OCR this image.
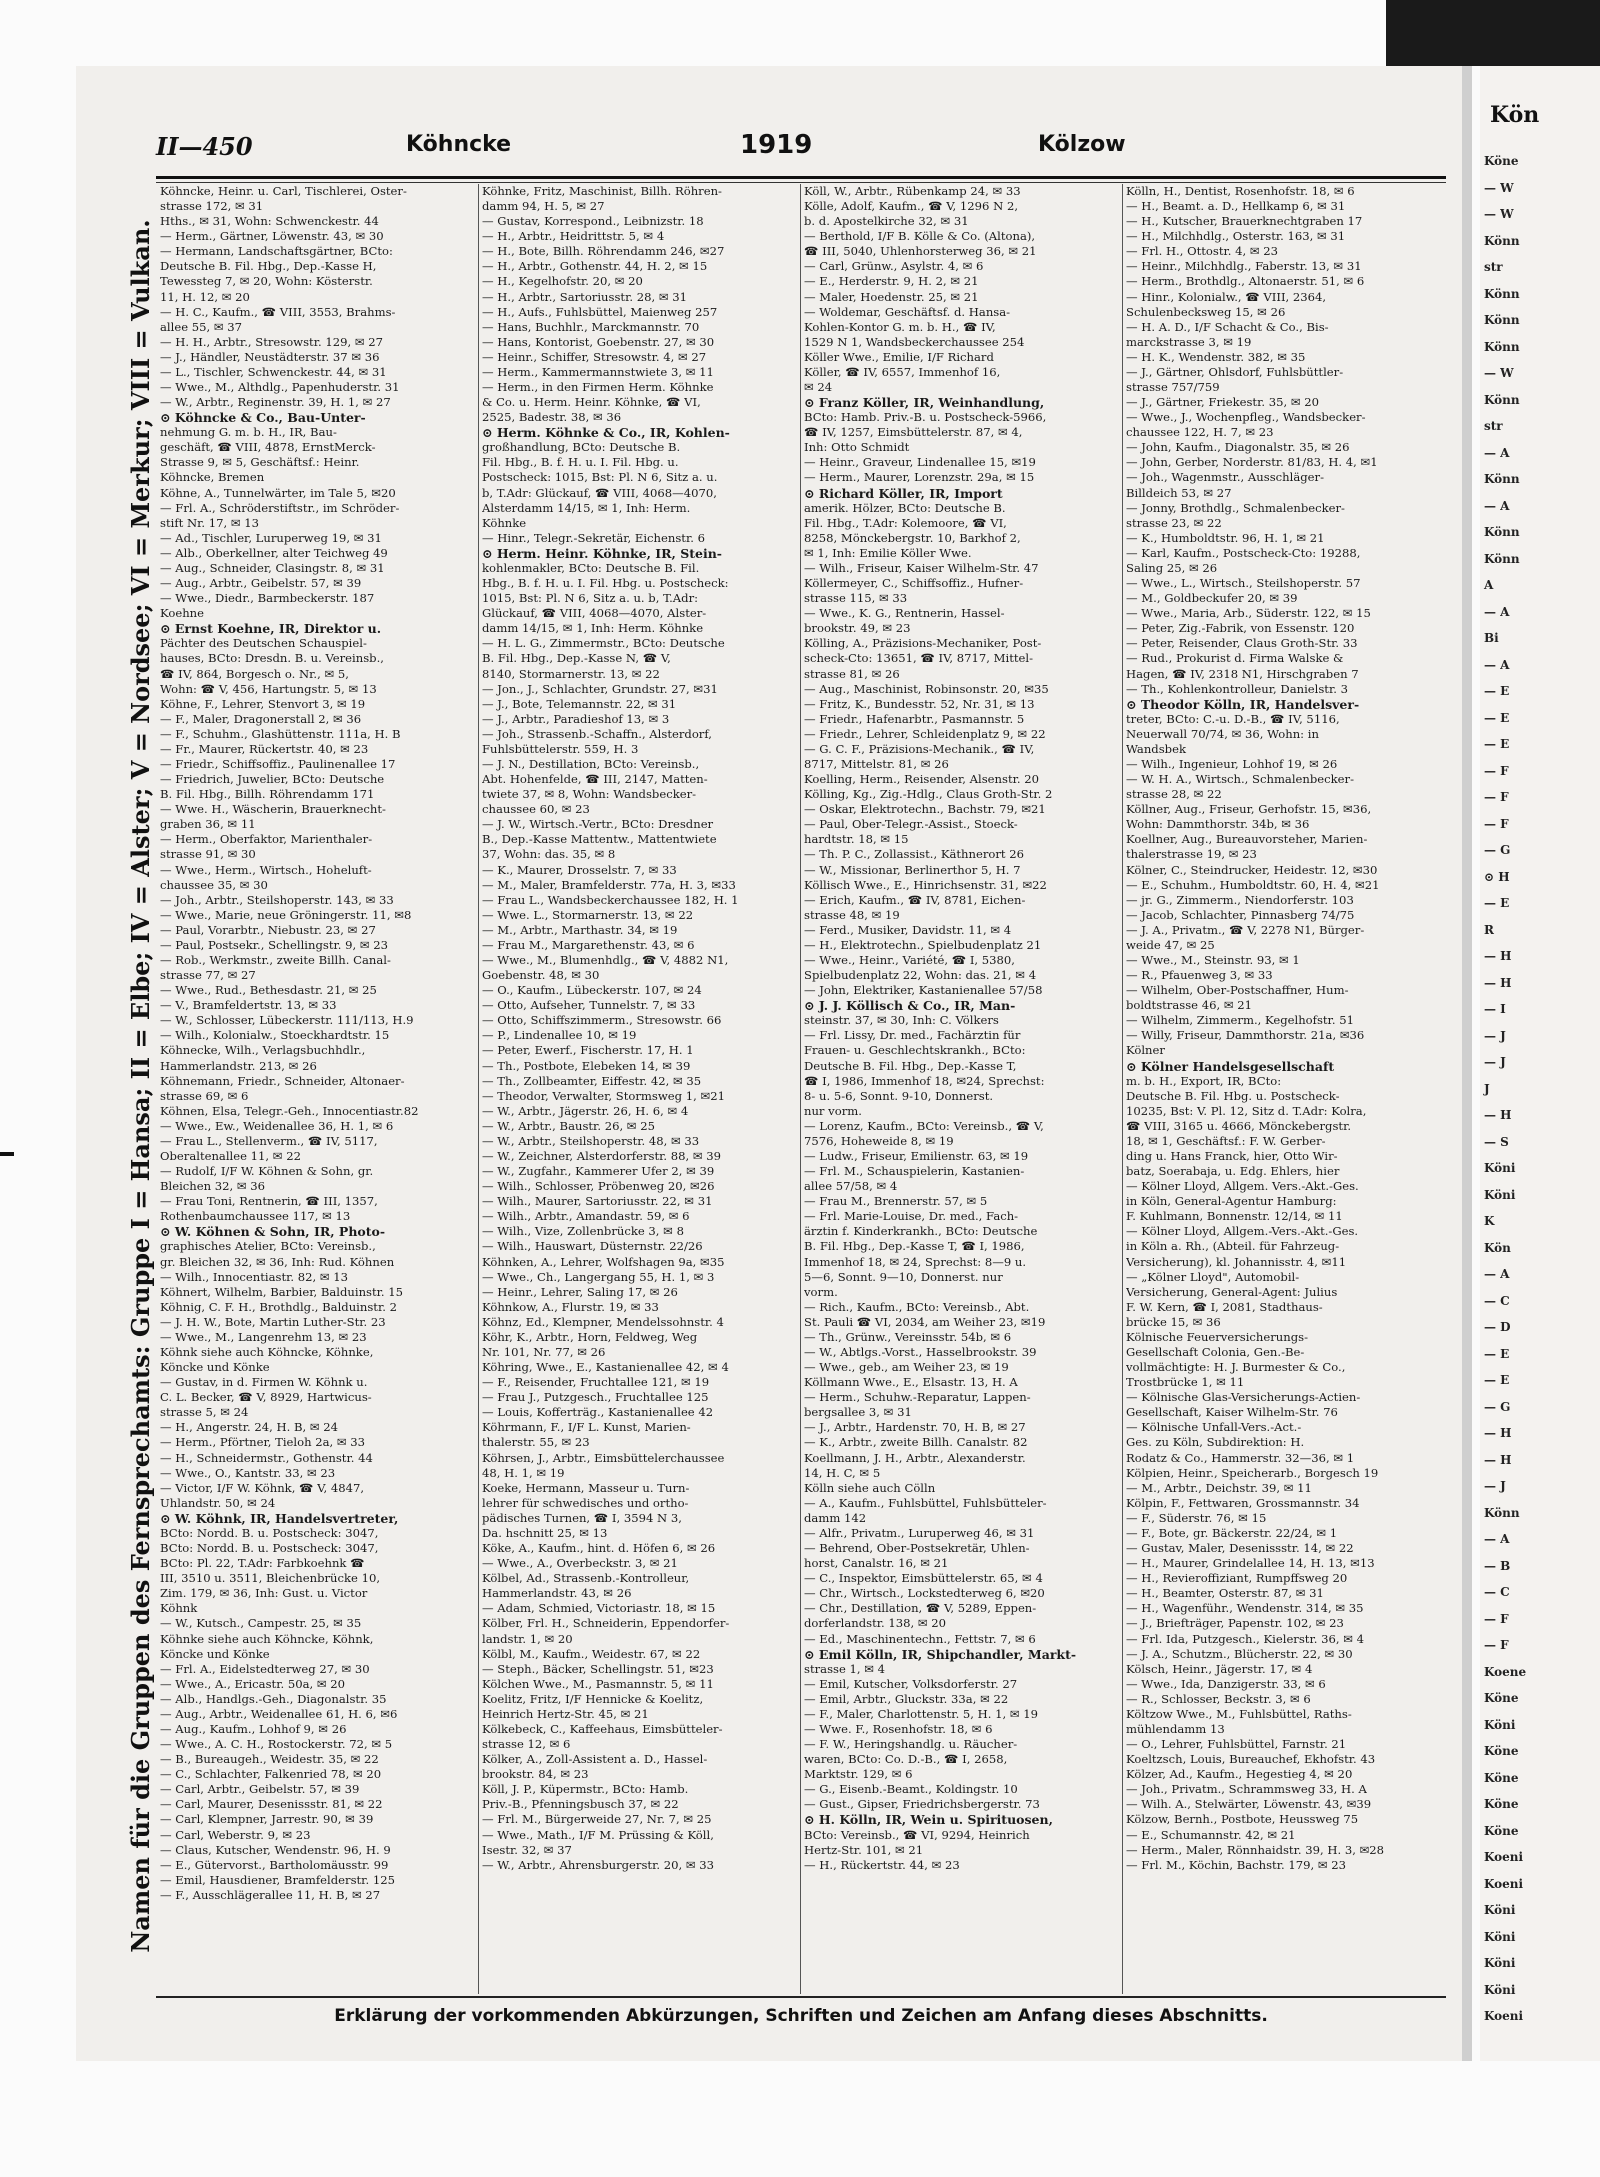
II—450	Köhncke	1919	Kölzow
Namen für die Gruppen des Fernsprechamts: Gruppe I = Hansa; II = Elbe; IV = Alster; V = Nordsee; VI = Merkur; VIII = Vulkan.
Köhncke, Heinr. u. Carl, Tischlerei, Oster-
strasse 172, ✉ 31
Hths., ✉ 31, Wohn: Schwenckestr. 44
— Herm., Gärtner, Löwenstr. 43, ✉ 30
— Hermann, Landschaftsgärtner, BCto:
Deutsche B. Fil. Hbg., Dep.-Kasse H,
Tewessteg 7, ✉ 20, Wohn: Kösterstr.
11, H. 12, ✉ 20
— H. C., Kaufm., ☎ VIII, 3553, Brahms-
allee 55, ✉ 37
— H. H., Arbtr., Stresowstr. 129, ✉ 27
— J., Händler, Neustädterstr. 37 ✉ 36
— L., Tischler, Schwenckestr. 44, ✉ 31
— Wwe., M., Althdlg., Papenhuderstr. 31
— W., Arbtr., Reginenstr. 39, H. 1, ✉ 27
⊙ Köhncke & Co., Bau-Unter-
nehmung G. m. b. H., IR, Bau-
geschäft, ☎ VIII, 4878, ErnstMerck-
Strasse 9, ✉ 5, Geschäftsf.: Heinr.
Köhncke, Bremen
Köhne, A., Tunnelwärter, im Tale 5, ✉20
— Frl. A., Schröderstiftstr., im Schröder-
stift Nr. 17, ✉ 13
— Ad., Tischler, Luruperweg 19, ✉ 31
— Alb., Oberkellner, alter Teichweg 49
— Aug., Schneider, Clasingstr. 8, ✉ 31
— Aug., Arbtr., Geibelstr. 57, ✉ 39
— Wwe., Diedr., Barmbeckerstr. 187
Koehne
⊙ Ernst Koehne, IR, Direktor u.
Pächter des Deutschen Schauspiel-
hauses, BCto: Dresdn. B. u. Vereinsb.,
☎ IV, 864, Borgesch o. Nr., ✉ 5,
Wohn: ☎ V, 456, Hartungstr. 5, ✉ 13
Köhne, F., Lehrer, Stenvort 3, ✉ 19
— F., Maler, Dragonerstall 2, ✉ 36
— F., Schuhm., Glashüttenstr. 111a, H. B
— Fr., Maurer, Rückertstr. 40, ✉ 23
— Friedr., Schiffsoffiz., Paulinenallee 17
— Friedrich, Juwelier, BCto: Deutsche
B. Fil. Hbg., Billh. Röhrendamm 171
— Wwe. H., Wäscherin, Brauerknecht-
graben 36, ✉ 11
— Herm., Oberfaktor, Marienthaler-
strasse 91, ✉ 30
— Wwe., Herm., Wirtsch., Hoheluft-
chaussee 35, ✉ 30
— Joh., Arbtr., Steilshoperstr. 143, ✉ 33
— Wwe., Marie, neue Gröningerstr. 11, ✉8
— Paul, Vorarbtr., Niebustr. 23, ✉ 27
— Paul, Postsekr., Schellingstr. 9, ✉ 23
— Rob., Werkmstr., zweite Billh. Canal-
strasse 77, ✉ 27
— Wwe., Rud., Bethesdastr. 21, ✉ 25
— V., Bramfeldertstr. 13, ✉ 33
— W., Schlosser, Lübeckerstr. 111/113, H.9
— Wilh., Kolonialw., Stoeckhardtstr. 15
Köhnecke, Wilh., Verlagsbuchhdlr.,
Hammerlandstr. 213, ✉ 26
Köhnemann, Friedr., Schneider, Altonaer-
strasse 69, ✉ 6
Köhnen, Elsa, Telegr.-Geh., Innocentiastr.82
— Wwe., Ew., Weidenallee 36, H. 1, ✉ 6
— Frau L., Stellenverm., ☎ IV, 5117,
Oberaltenallee 11, ✉ 22
— Rudolf, I/F W. Köhnen & Sohn, gr.
Bleichen 32, ✉ 36
— Frau Toni, Rentnerin, ☎ III, 1357,
Rothenbaumchaussee 117, ✉ 13
⊙ W. Köhnen & Sohn, IR, Photo-
graphisches Atelier, BCto: Vereinsb.,
gr. Bleichen 32, ✉ 36, Inh: Rud. Köhnen
— Wilh., Innocentiastr. 82, ✉ 13
Köhnert, Wilhelm, Barbier, Balduinstr. 15
Köhnig, C. F. H., Brothdlg., Balduinstr. 2
— J. H. W., Bote, Martin Luther-Str. 23
— Wwe., M., Langenrehm 13, ✉ 23
Köhnk siehe auch Köhncke, Köhnke,
Köncke und Könke
— Gustav, in d. Firmen W. Köhnk u.
C. L. Becker, ☎ V, 8929, Hartwicus-
strasse 5, ✉ 24
— H., Angerstr. 24, H. B, ✉ 24
— Herm., Pförtner, Tieloh 2a, ✉ 33
— H., Schneidermstr., Gothenstr. 44
— Wwe., O., Kantstr. 33, ✉ 23
— Victor, I/F W. Köhnk, ☎ V, 4847,
Uhlandstr. 50, ✉ 24
⊙ W. Köhnk, IR, Handelsvertreter,
BCto: Nordd. B. u. Postscheck: 3047,
BCto: Nordd. B. u. Postscheck: 3047,
BCto: Pl. 22, T.Adr: Farbkoehnk ☎
III, 3510 u. 3511, Bleichenbrücke 10,
Zim. 179, ✉ 36, Inh: Gust. u. Victor
Köhnk
— W., Kutsch., Campestr. 25, ✉ 35
Köhnke siehe auch Köhncke, Köhnk,
Köncke und Könke
— Frl. A., Eidelstedterweg 27, ✉ 30
— Wwe., A., Ericastr. 50a, ✉ 20
— Alb., Handlgs.-Geh., Diagonalstr. 35
— Aug., Arbtr., Weidenallee 61, H. 6, ✉6
— Aug., Kaufm., Lohhof 9, ✉ 26
— Wwe., A. C. H., Rostockerstr. 72, ✉ 5
— B., Bureaugeh., Weidestr. 35, ✉ 22
— C., Schlachter, Falkenried 78, ✉ 20
— Carl, Arbtr., Geibelstr. 57, ✉ 39
— Carl, Maurer, Desenissstr. 81, ✉ 22
— Carl, Klempner, Jarrestr. 90, ✉ 39
— Carl, Weberstr. 9, ✉ 23
— Claus, Kutscher, Wendenstr. 96, H. 9
— E., Gütervorst., Bartholomäusstr. 99
— Emil, Hausdiener, Bramfelderstr. 125
— F., Ausschlägerallee 11, H. B, ✉ 27
Köhnke, Fritz, Maschinist, Billh. Röhren-
damm 94, H. 5, ✉ 27
— Gustav, Korrespond., Leibnizstr. 18
— H., Arbtr., Heidrittstr. 5, ✉ 4
— H., Bote, Billh. Röhrendamm 246, ✉27
— H., Arbtr., Gothenstr. 44, H. 2, ✉ 15
— H., Kegelhofstr. 20, ✉ 20
— H., Arbtr., Sartoriusstr. 28, ✉ 31
— H., Aufs., Fuhlsbüttel, Maienweg 257
— Hans, Buchhlr., Marckmannstr. 70
— Hans, Kontorist, Goebenstr. 27, ✉ 30
— Heinr., Schiffer, Stresowstr. 4, ✉ 27
— Herm., Kammermannstwiete 3, ✉ 11
— Herm., in den Firmen Herm. Köhnke
& Co. u. Herm. Heinr. Köhnke, ☎ VI,
2525, Badestr. 38, ✉ 36
⊙ Herm. Köhnke & Co., IR, Kohlen-
großhandlung, BCto: Deutsche B.
Fil. Hbg., B. f. H. u. I. Fil. Hbg. u.
Postscheck: 1015, Bst: Pl. N 6, Sitz a. u.
b, T.Adr: Glückauf, ☎ VIII, 4068—4070,
Alsterdamm 14/15, ✉ 1, Inh: Herm.
Köhnke
— Hinr., Telegr.-Sekretär, Eichenstr. 6
⊙ Herm. Heinr. Köhnke, IR, Stein-
kohlenmakler, BCto: Deutsche B. Fil.
Hbg., B. f. H. u. I. Fil. Hbg. u. Postscheck:
1015, Bst: Pl. N 6, Sitz a. u. b, T.Adr:
Glückauf, ☎ VIII, 4068—4070, Alster-
damm 14/15, ✉ 1, Inh: Herm. Köhnke
— H. L. G., Zimmermstr., BCto: Deutsche
B. Fil. Hbg., Dep.-Kasse N, ☎ V,
8140, Stormarnerstr. 13, ✉ 22
— Jon., J., Schlachter, Grundstr. 27, ✉31
— J., Bote, Telemannstr. 22, ✉ 31
— J., Arbtr., Paradieshof 13, ✉ 3
— Joh., Strassenb.-Schaffn., Alsterdorf,
Fuhlsbüttelerstr. 559, H. 3
— J. N., Destillation, BCto: Vereinsb.,
Abt. Hohenfelde, ☎ III, 2147, Matten-
twiete 37, ✉ 8, Wohn: Wandsbecker-
chaussee 60, ✉ 23
— J. W., Wirtsch.-Vertr., BCto: Dresdner
B., Dep.-Kasse Mattentw., Mattentwiete
37, Wohn: das. 35, ✉ 8
— K., Maurer, Drosselstr. 7, ✉ 33
— M., Maler, Bramfelderstr. 77a, H. 3, ✉33
— Frau L., Wandsbeckerchaussee 182, H. 1
— Wwe. L., Stormarnerstr. 13, ✉ 22
— M., Arbtr., Marthastr. 34, ✉ 19
— Frau M., Margarethenstr. 43, ✉ 6
— Wwe., M., Blumenhdlg., ☎ V, 4882 N1,
Goebenstr. 48, ✉ 30
— O., Kaufm., Lübeckerstr. 107, ✉ 24
— Otto, Aufseher, Tunnelstr. 7, ✉ 33
— Otto, Schiffszimmerm., Stresowstr. 66
— P., Lindenallee 10, ✉ 19
— Peter, Ewerf., Fischerstr. 17, H. 1
— Th., Postbote, Elebeken 14, ✉ 39
— Th., Zollbeamter, Eiffestr. 42, ✉ 35
— Theodor, Verwalter, Stormsweg 1, ✉21
— W., Arbtr., Jägerstr. 26, H. 6, ✉ 4
— W., Arbtr., Baustr. 26, ✉ 25
— W., Arbtr., Steilshoperstr. 48, ✉ 33
— W., Zeichner, Alsterdorferstr. 88, ✉ 39
— W., Zugfahr., Kammerer Ufer 2, ✉ 39
— Wilh., Schlosser, Pröbenweg 20, ✉26
— Wilh., Maurer, Sartoriusstr. 22, ✉ 31
— Wilh., Arbtr., Amandastr. 59, ✉ 6
— Wilh., Vize, Zollenbrücke 3, ✉ 8
— Wilh., Hauswart, Düsternstr. 22/26
Köhnken, A., Lehrer, Wolfshagen 9a, ✉35
— Wwe., Ch., Langergang 55, H. 1, ✉ 3
— Heinr., Lehrer, Saling 17, ✉ 26
Köhnkow, A., Flurstr. 19, ✉ 33
Köhnz, Ed., Klempner, Mendelssohnstr. 4
Köhr, K., Arbtr., Horn, Feldweg, Weg
Nr. 101, Nr. 77, ✉ 26
Köhring, Wwe., E., Kastanienallee 42, ✉ 4
— F., Reisender, Fruchtallee 121, ✉ 19
— Frau J., Putzgesch., Fruchtallee 125
— Louis, Kofferträg., Kastanienallee 42
Köhrmann, F., I/F L. Kunst, Marien-
thalerstr. 55, ✉ 23
Köhrsen, J., Arbtr., Eimsbüttelerchaussee
48, H. 1, ✉ 19
Koeke, Hermann, Masseur u. Turn-
lehrer für schwedisches und ortho-
pädisches Turnen, ☎ I, 3594 N 3,
Da. hschnitt 25, ✉ 13
Köke, A., Kaufm., hint. d. Höfen 6, ✉ 26
— Wwe., A., Overbeckstr. 3, ✉ 21
Kölbel, Ad., Strassenb.-Kontrolleur,
Hammerlandstr. 43, ✉ 26
— Adam, Schmied, Victoriastr. 18, ✉ 15
Kölber, Frl. H., Schneiderin, Eppendorfer-
landstr. 1, ✉ 20
Kölbl, M., Kaufm., Weidestr. 67, ✉ 22
— Steph., Bäcker, Schellingstr. 51, ✉23
Kölchen Wwe., M., Pasmannstr. 5, ✉ 11
Koelitz, Fritz, I/F Hennicke & Koelitz,
Heinrich Hertz-Str. 45, ✉ 21
Kölkebeck, C., Kaffeehaus, Eimsbütteler-
strasse 12, ✉ 6
Kölker, A., Zoll-Assistent a. D., Hassel-
brookstr. 84, ✉ 23
Köll, J. P., Küpermstr., BCto: Hamb.
Priv.-B., Pfenningsbusch 37, ✉ 22
— Frl. M., Bürgerweide 27, Nr. 7, ✉ 25
— Wwe., Math., I/F M. Prüssing & Köll,
Isestr. 32, ✉ 37
— W., Arbtr., Ahrensburgerstr. 20, ✉ 33
Köll, W., Arbtr., Rübenkamp 24, ✉ 33
Kölle, Adolf, Kaufm., ☎ V, 1296 N 2,
b. d. Apostelkirche 32, ✉ 31
— Berthold, I/F B. Kölle & Co. (Altona),
☎ III, 5040, Uhlenhorsterweg 36, ✉ 21
— Carl, Grünw., Asylstr. 4, ✉ 6
— E., Herderstr. 9, H. 2, ✉ 21
— Maler, Hoedenstr. 25, ✉ 21
— Woldemar, Geschäftsf. d. Hansa-
Kohlen-Kontor G. m. b. H., ☎ IV,
1529 N 1, Wandsbeckerchaussee 254
Köller Wwe., Emilie, I/F Richard
Köller, ☎ IV, 6557, Immenhof 16,
✉ 24
⊙ Franz Köller, IR, Weinhandlung,
BCto: Hamb. Priv.-B. u. Postscheck-5966,
☎ IV, 1257, Eimsbüttelerstr. 87, ✉ 4,
Inh: Otto Schmidt
— Heinr., Graveur, Lindenallee 15, ✉19
— Herm., Maurer, Lorenzstr. 29a, ✉ 15
⊙ Richard Köller, IR, Import
amerik. Hölzer, BCto: Deutsche B.
Fil. Hbg., T.Adr: Kolemoore, ☎ VI,
8258, Mönckebergstr. 10, Barkhof 2,
✉ 1, Inh: Emilie Köller Wwe.
— Wilh., Friseur, Kaiser Wilhelm-Str. 47
Köllermeyer, C., Schiffsoffiz., Hufner-
strasse 115, ✉ 33
— Wwe., K. G., Rentnerin, Hassel-
brookstr. 49, ✉ 23
Kölling, A., Präzisions-Mechaniker, Post-
scheck-Cto: 13651, ☎ IV, 8717, Mittel-
strasse 81, ✉ 26
— Aug., Maschinist, Robinsonstr. 20, ✉35
— Fritz, K., Bundesstr. 52, Nr. 31, ✉ 13
— Friedr., Hafenarbtr., Pasmannstr. 5
— Friedr., Lehrer, Schleidenplatz 9, ✉ 22
— G. C. F., Präzisions-Mechanik., ☎ IV,
8717, Mittelstr. 81, ✉ 26
Koelling, Herm., Reisender, Alsenstr. 20
Kölling, Kg., Zig.-Hdlg., Claus Groth-Str. 2
— Oskar, Elektrotechn., Bachstr. 79, ✉21
— Paul, Ober-Telegr.-Assist., Stoeck-
hardtstr. 18, ✉ 15
— Th. P. C., Zollassist., Käthnerort 26
— W., Missionar, Berlinerthor 5, H. 7
Köllisch Wwe., E., Hinrichsenstr. 31, ✉22
— Erich, Kaufm., ☎ IV, 8781, Eichen-
strasse 48, ✉ 19
— Ferd., Musiker, Davidstr. 11, ✉ 4
— H., Elektrotechn., Spielbudenplatz 21
— Wwe., Heinr., Variété, ☎ I, 5380,
Spielbudenplatz 22, Wohn: das. 21, ✉ 4
— John, Elektriker, Kastanienallee 57/58
⊙ J. J. Köllisch & Co., IR, Man-
steinstr. 37, ✉ 30, Inh: C. Völkers
— Frl. Lissy, Dr. med., Fachärztin für
Frauen- u. Geschlechtskrankh., BCto:
Deutsche B. Fil. Hbg., Dep.-Kasse T,
☎ I, 1986, Immenhof 18, ✉24, Sprechst:
8- u. 5-6, Sonnt. 9-10, Donnerst.
nur vorm.
— Lorenz, Kaufm., BCto: Vereinsb., ☎ V,
7576, Hoheweide 8, ✉ 19
— Ludw., Friseur, Emilienstr. 63, ✉ 19
— Frl. M., Schauspielerin, Kastanien-
allee 57/58, ✉ 4
— Frau M., Brennerstr. 57, ✉ 5
— Frl. Marie-Louise, Dr. med., Fach-
ärztin f. Kinderkrankh., BCto: Deutsche
B. Fil. Hbg., Dep.-Kasse T, ☎ I, 1986,
Immenhof 18, ✉ 24, Sprechst: 8—9 u.
5—6, Sonnt. 9—10, Donnerst. nur
vorm.
— Rich., Kaufm., BCto: Vereinsb., Abt.
St. Pauli ☎ VI, 2034, am Weiher 23, ✉19
— Th., Grünw., Vereinsstr. 54b, ✉ 6
— W., Abtlgs.-Vorst., Hasselbrookstr. 39
— Wwe., geb., am Weiher 23, ✉ 19
Köllmann Wwe., E., Elsastr. 13, H. A
— Herm., Schuhw.-Reparatur, Lappen-
bergsallee 3, ✉ 31
— J., Arbtr., Hardenstr. 70, H. B, ✉ 27
— K., Arbtr., zweite Billh. Canalstr. 82
Koellmann, J. H., Arbtr., Alexanderstr.
14, H. C, ✉ 5
Kölln siehe auch Cölln
— A., Kaufm., Fuhlsbüttel, Fuhlsbütteler-
damm 142
— Alfr., Privatm., Luruperweg 46, ✉ 31
— Behrend, Ober-Postsekretär, Uhlen-
horst, Canalstr. 16, ✉ 21
— C., Inspektor, Eimsbüttelerstr. 65, ✉ 4
— Chr., Wirtsch., Lockstedterweg 6, ✉20
— Chr., Destillation, ☎ V, 5289, Eppen-
dorferlandstr. 138, ✉ 20
— Ed., Maschinentechn., Fettstr. 7, ✉ 6
⊙ Emil Kölln, IR, Shipchandler, Markt-
strasse 1, ✉ 4
— Emil, Kutscher, Volksdorferstr. 27
— Emil, Arbtr., Gluckstr. 33a, ✉ 22
— F., Maler, Charlottenstr. 5, H. 1, ✉ 19
— Wwe. F., Rosenhofstr. 18, ✉ 6
— F. W., Heringshandlg. u. Räucher-
waren, BCto: Co. D.-B., ☎ I, 2658,
Marktstr. 129, ✉ 6
— G., Eisenb.-Beamt., Koldingstr. 10
— Gust., Gipser, Friedrichsbergerstr. 73
⊙ H. Kölln, IR, Wein u. Spirituosen,
BCto: Vereinsb., ☎ VI, 9294, Heinrich
Hertz-Str. 101, ✉ 21
— H., Rückertstr. 44, ✉ 23
Kölln, H., Dentist, Rosenhofstr. 18, ✉ 6
— H., Beamt. a. D., Hellkamp 6, ✉ 31
— H., Kutscher, Brauerknechtgraben 17
— H., Milchhdlg., Osterstr. 163, ✉ 31
— Frl. H., Ottostr. 4, ✉ 23
— Heinr., Milchhdlg., Faberstr. 13, ✉ 31
— Herm., Brothdlg., Altonaerstr. 51, ✉ 6
— Hinr., Kolonialw., ☎ VIII, 2364,
Schulenbecksweg 15, ✉ 26
— H. A. D., I/F Schacht & Co., Bis-
marckstrasse 3, ✉ 19
— H. K., Wendenstr. 382, ✉ 35
— J., Gärtner, Ohlsdorf, Fuhlsbüttler-
strasse 757/759
— J., Gärtner, Friekestr. 35, ✉ 20
— Wwe., J., Wochenpfleg., Wandsbecker-
chaussee 122, H. 7, ✉ 23
— John, Kaufm., Diagonalstr. 35, ✉ 26
— John, Gerber, Norderstr. 81/83, H. 4, ✉1
— Joh., Wagenmstr., Ausschläger-
Billdeich 53, ✉ 27
— Jonny, Brothdlg., Schmalenbecker-
strasse 23, ✉ 22
— K., Humboldtstr. 96, H. 1, ✉ 21
— Karl, Kaufm., Postscheck-Cto: 19288,
Saling 25, ✉ 26
— Wwe., L., Wirtsch., Steilshoperstr. 57
— M., Goldbeckufer 20, ✉ 39
— Wwe., Maria, Arb., Süderstr. 122, ✉ 15
— Peter, Zig.-Fabrik, von Essenstr. 120
— Peter, Reisender, Claus Groth-Str. 33
— Rud., Prokurist d. Firma Walske &
Hagen, ☎ IV, 2318 N1, Hirschgraben 7
— Th., Kohlenkontrolleur, Danielstr. 3
⊙ Theodor Kölln, IR, Handelsver-
treter, BCto: C.-u. D.-B., ☎ IV, 5116,
Neuerwall 70/74, ✉ 36, Wohn: in
Wandsbek
— Wilh., Ingenieur, Lohhof 19, ✉ 26
— W. H. A., Wirtsch., Schmalenbecker-
strasse 28, ✉ 22
Köllner, Aug., Friseur, Gerhofstr. 15, ✉36,
Wohn: Dammthorstr. 34b, ✉ 36
Koellner, Aug., Bureauvorsteher, Marien-
thalerstrasse 19, ✉ 23
Kölner, C., Steindrucker, Heidestr. 12, ✉30
— E., Schuhm., Humboldtstr. 60, H. 4, ✉21
— jr. G., Zimmerm., Niendorferstr. 103
— Jacob, Schlachter, Pinnasberg 74/75
— J. A., Privatm., ☎ V, 2278 N1, Bürger-
weide 47, ✉ 25
— Wwe., M., Steinstr. 93, ✉ 1
— R., Pfauenweg 3, ✉ 33
— Wilhelm, Ober-Postschaffner, Hum-
boldtstrasse 46, ✉ 21
— Wilhelm, Zimmerm., Kegelhofstr. 51
— Willy, Friseur, Dammthorstr. 21a, ✉36
Kölner
⊙ Kölner Handelsgesellschaft
m. b. H., Export, IR, BCto:
Deutsche B. Fil. Hbg. u. Postscheck-
10235, Bst: V. Pl. 12, Sitz d. T.Adr: Kolra,
☎ VIII, 3165 u. 4666, Mönckebergstr.
18, ✉ 1, Geschäftsf.: F. W. Gerber-
ding u. Hans Franck, hier, Otto Wir-
batz, Soerabaja, u. Edg. Ehlers, hier
— Kölner Lloyd, Allgem. Vers.-Akt.-Ges.
in Köln, General-Agentur Hamburg:
F. Kuhlmann, Bonnenstr. 12/14, ✉ 11
— Kölner Lloyd, Allgem.-Vers.-Akt.-Ges.
in Köln a. Rh., (Abteil. für Fahrzeug-
Versicherung), kl. Johannisstr. 4, ✉11
— „Kölner Lloyd", Automobil-
Versicherung, General-Agent: Julius
F. W. Kern, ☎ I, 2081, Stadthaus-
brücke 15, ✉ 36
Kölnische Feuerversicherungs-
Gesellschaft Colonia, Gen.-Be-
vollmächtigte: H. J. Burmester & Co.,
Trostbrücke 1, ✉ 11
— Kölnische Glas-Versicherungs-Actien-
Gesellschaft, Kaiser Wilhelm-Str. 76
— Kölnische Unfall-Vers.-Act.-
Ges. zu Köln, Subdirektion: H.
Rodatz & Co., Hammerstr. 32—36, ✉ 1
Kölpien, Heinr., Speicherarb., Borgesch 19
— M., Arbtr., Deichstr. 39, ✉ 11
Kölpin, F., Fettwaren, Grossmannstr. 34
— F., Süderstr. 76, ✉ 15
— F., Bote, gr. Bäckerstr. 22/24, ✉ 1
— Gustav, Maler, Desenissstr. 14, ✉ 22
— H., Maurer, Grindelallee 14, H. 13, ✉13
— H., Revieroffiziant, Rumpffsweg 20
— H., Beamter, Osterstr. 87, ✉ 31
— H., Wagenführ., Wendenstr. 314, ✉ 35
— J., Briefträger, Papenstr. 102, ✉ 23
— Frl. Ida, Putzgesch., Kielerstr. 36, ✉ 4
— J. A., Schutzm., Blücherstr. 22, ✉ 30
Kölsch, Heinr., Jägerstr. 17, ✉ 4
— Wwe., Ida, Danzigerstr. 33, ✉ 6
— R., Schlosser, Beckstr. 3, ✉ 6
Költzow Wwe., M., Fuhlsbüttel, Raths-
mühlendamm 13
— O., Lehrer, Fuhlsbüttel, Farnstr. 21
Koeltzsch, Louis, Bureauchef, Ekhofstr. 43
Kölzer, Ad., Kaufm., Hegestieg 4, ✉ 20
— Joh., Privatm., Schrammsweg 33, H. A
— Wilh. A., Stelwärter, Löwenstr. 43, ✉39
Kölzow, Bernh., Postbote, Heussweg 75
— E., Schumannstr. 42, ✉ 21
— Herm., Maler, Rönnhaidstr. 39, H. 3, ✉28
— Frl. M., Köchin, Bachstr. 179, ✉ 23
Erklärung der vorkommenden Abkürzungen, Schriften und Zeichen am Anfang dieses Abschnitts.
Kön
Köne
— W
— W
Könn
str
Könn
Könn
Könn
— W
Könn
str
— A
Könn
— A
Könn
Könn
A
— A
Bi
— A
— E
— E
— E
— F
— F
— F
— G
⊙ H
— E
R
— H
— H
— I
— J
— J
J
— H
— S
Köni
Köni
K
Kön
— A
— C
— D
— E
— E
— G
— H
— H
— J
Könn
— A
— B
— C
— F
— F
Koene
Köne
Köni
Köne
Köne
Köne
Köne
Koeni
Koeni
Köni
Köni
Köni
Köni
Koeni
